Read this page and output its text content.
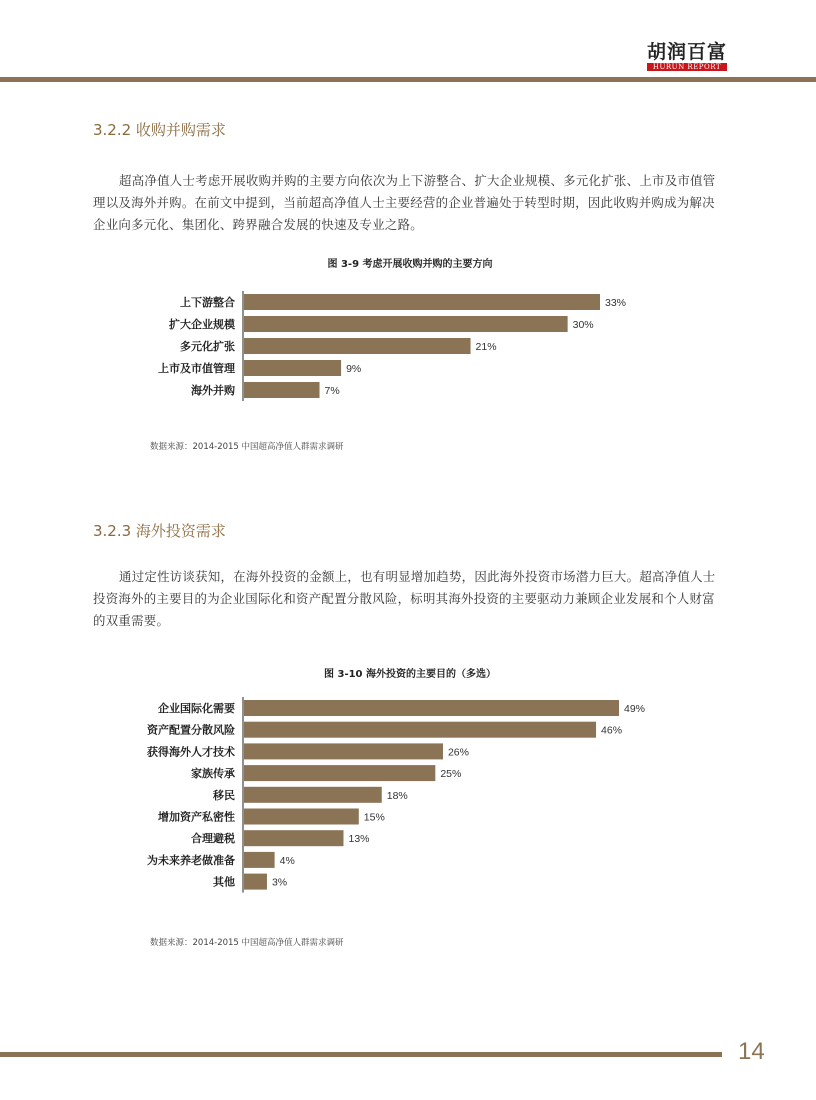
胡润百富
HURUN REPORT
3.2.2 收购并购需求

超高净值人士考虑开展收购并购的主要方向依次为上下游整合、扩大企业规模、多元化扩张、上市及市值管理以及海外并购。在前文中提到，当前超高净值人士主要经营的企业普遍处于转型时期，因此收购并购成为解决企业向多元化、集团化、跨界融合发展的快速及专业之路。

图 3-9 考虑开展收购并购的主要方向

上下游整合	33%
扩大企业规模	30%
多元化扩张	21%
上市及市值管理	9%
海外并购	7%

数据来源：2014-2015 中国超高净值人群需求调研

3.2.3 海外投资需求

通过定性访谈获知，在海外投资的金额上，也有明显增加趋势，因此海外投资市场潜力巨大。超高净值人士投资海外的主要目的为企业国际化和资产配置分散风险，标明其海外投资的主要驱动力兼顾企业发展和个人财富的双重需要。

图 3-10 海外投资的主要目的（多选）

企业国际化需要	49%
资产配置分散风险	46%
获得海外人才技术	26%
家族传承	25%
移民	18%
增加资产私密性	15%
合理避税	13%
为未来养老做准备	4%
其他	3%

数据来源：2014-2015 中国超高净值人群需求调研

14
